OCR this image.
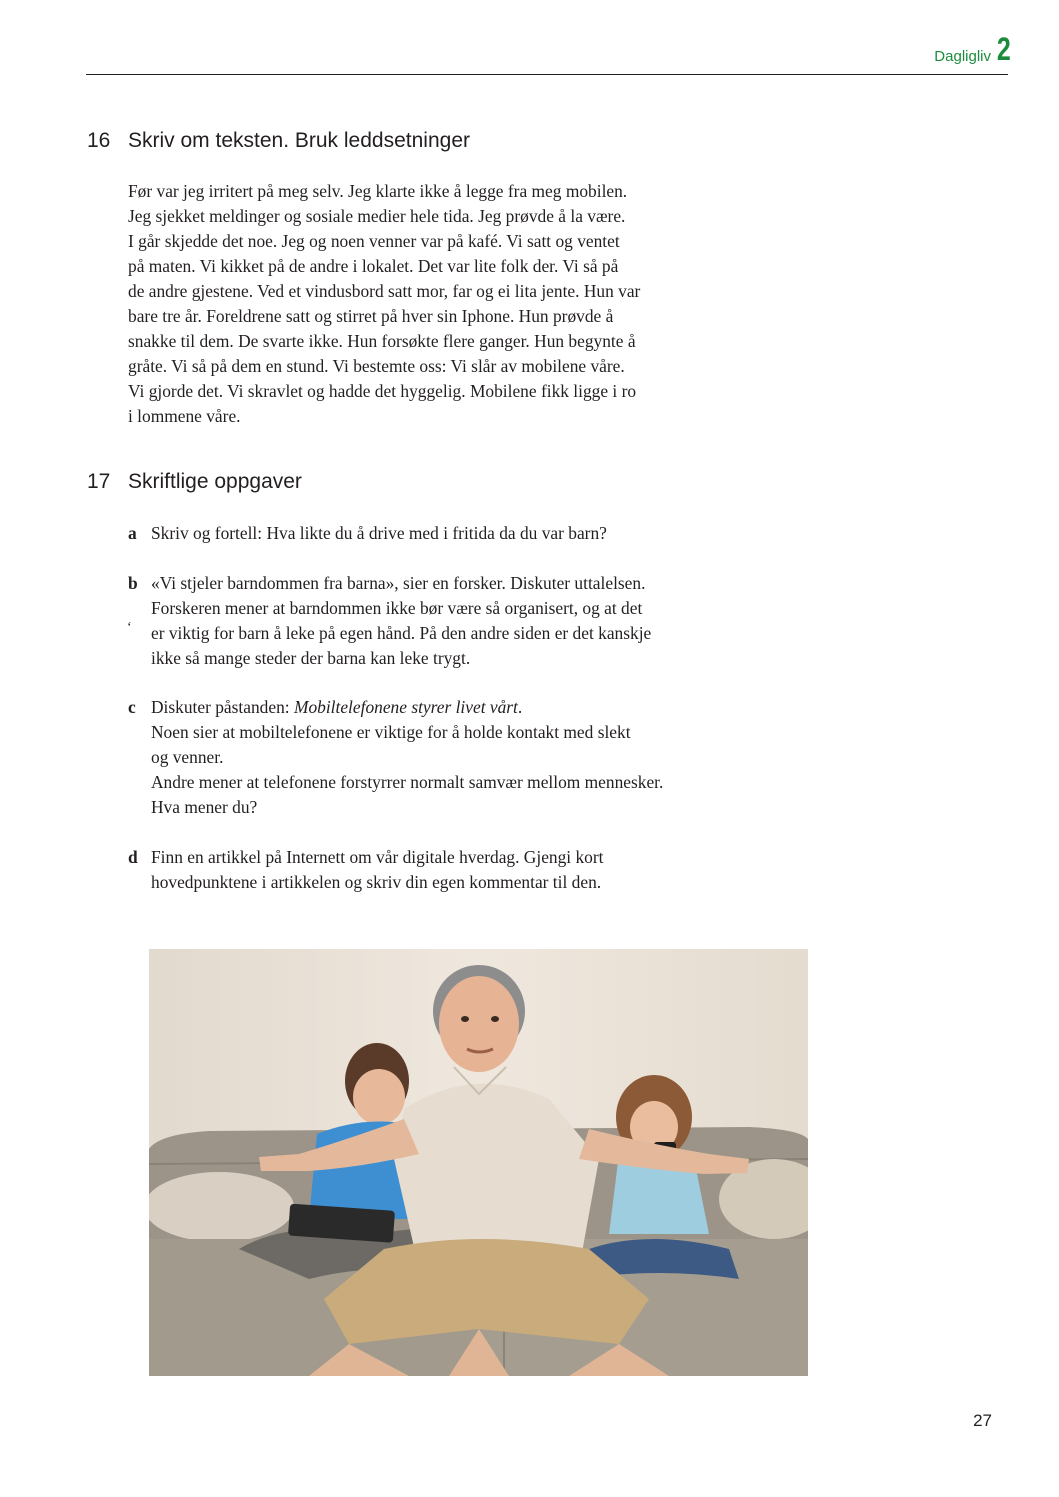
Dagligliv 2
16 Skriv om teksten. Bruk leddsetninger
Før var jeg irritert på meg selv. Jeg klarte ikke å legge fra meg mobilen.
Jeg sjekket meldinger og sosiale medier hele tida. Jeg prøvde å la være.
I går skjedde det noe. Jeg og noen venner var på kafé. Vi satt og ventet
på maten. Vi kikket på de andre i lokalet. Det var lite folk der. Vi så på
de andre gjestene. Ved et vindusbord satt mor, far og ei lita jente. Hun var
bare tre år. Foreldrene satt og stirret på hver sin Iphone. Hun prøvde å
snakke til dem. De svarte ikke. Hun forsøkte flere ganger. Hun begynte å
gråte. Vi så på dem en stund. Vi bestemte oss: Vi slår av mobilene våre.
Vi gjorde det. Vi skravlet og hadde det hyggelig. Mobilene fikk ligge i ro
i lommene våre.
17 Skriftlige oppgaver
a Skriv og fortell: Hva likte du å drive med i fritida da du var barn?
b «Vi stjeler barndommen fra barna», sier en forsker. Diskuter uttalelsen.
Forskeren mener at barndommen ikke bør være så organisert, og at det
er viktig for barn å leke på egen hånd. På den andre siden er det kanskje
ikke så mange steder der barna kan leke trygt.
‘
c Diskuter påstanden: Mobiltelefonene styrer livet vårt.
Noen sier at mobiltelefonene er viktige for å holde kontakt med slekt
og venner.
Andre mener at telefonene forstyrrer normalt samvær mellom mennesker.
Hva mener du?
d Finn en artikkel på Internett om vår digitale hverdag. Gjengi kort
hovedpunktene i artikkelen og skriv din egen kommentar til den.
27
